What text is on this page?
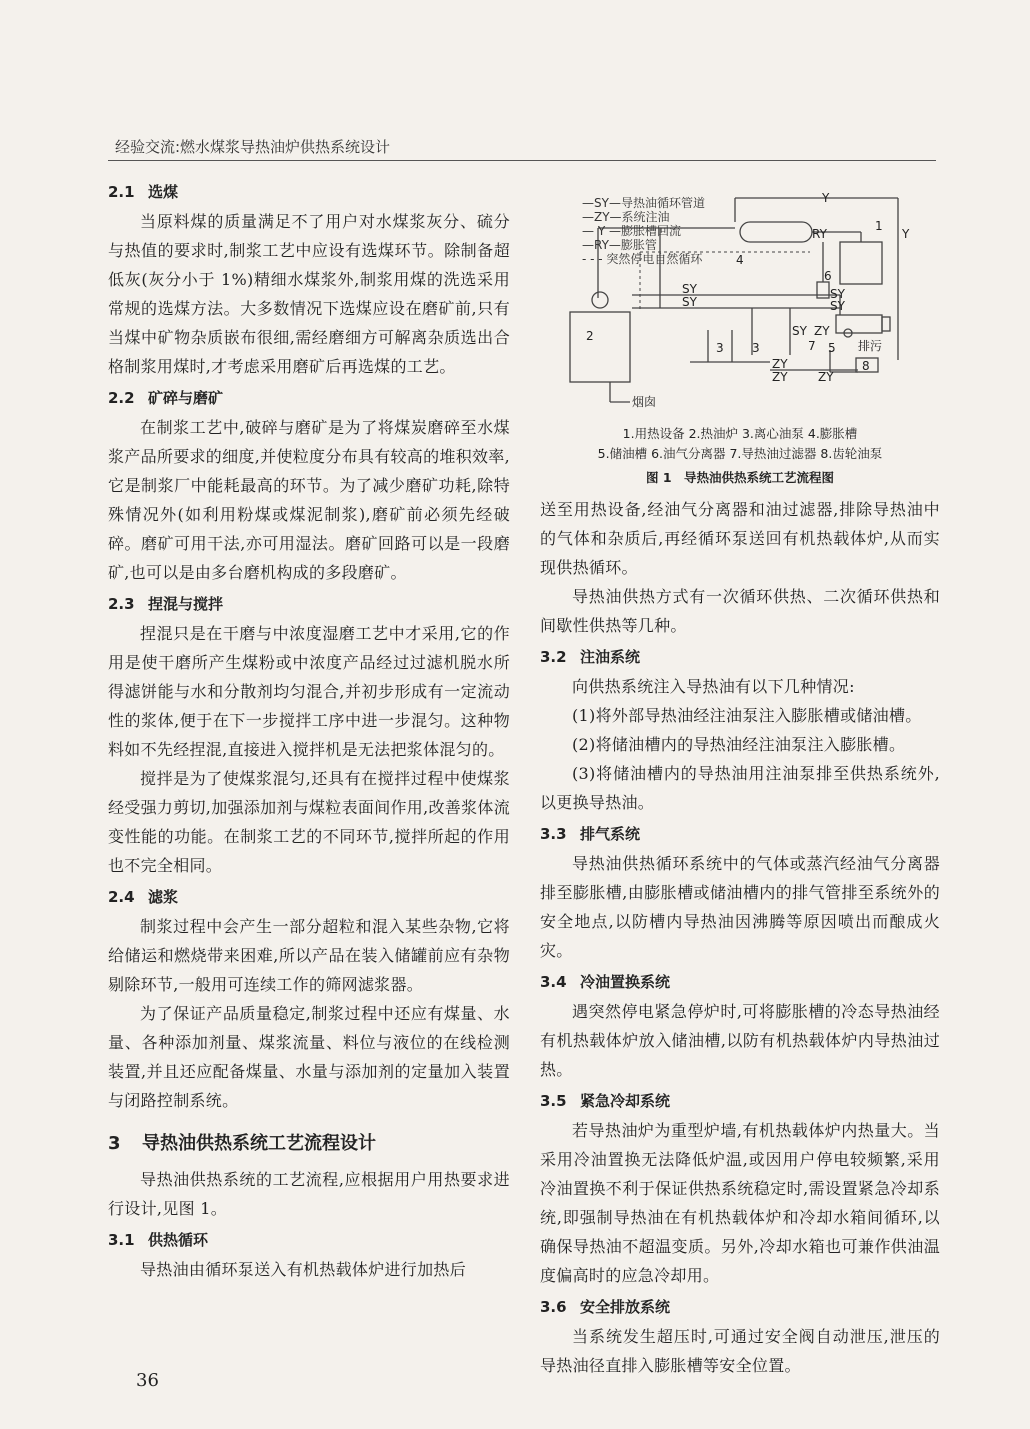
经验交流:燃水煤浆导热油炉供热系统设计
2.1 选煤

当原料煤的质量满足不了用户对水煤浆灰分、硫分与热值的要求时,制浆工艺中应设有选煤环节。除制备超低灰(灰分小于 1%)精细水煤浆外,制浆用煤的洗选采用常规的选煤方法。大多数情况下选煤应设在磨矿前,只有当煤中矿物杂质嵌布很细,需经磨细方可解离杂质选出合格制浆用煤时,才考虑采用磨矿后再选煤的工艺。

2.2 矿碎与磨矿

在制浆工艺中,破碎与磨矿是为了将煤炭磨碎至水煤浆产品所要求的细度,并使粒度分布具有较高的堆积效率,它是制浆厂中能耗最高的环节。为了减少磨矿功耗,除特殊情况外(如利用粉煤或煤泥制浆),磨矿前必须先经破碎。磨矿可用干法,亦可用湿法。磨矿回路可以是一段磨矿,也可以是由多台磨机构成的多段磨矿。

2.3 捏混与搅拌

捏混只是在干磨与中浓度湿磨工艺中才采用,它的作用是使干磨所产生煤粉或中浓度产品经过过滤机脱水所得滤饼能与水和分散剂均匀混合,并初步形成有一定流动性的浆体,便于在下一步搅拌工序中进一步混匀。这种物料如不先经捏混,直接进入搅拌机是无法把浆体混匀的。

搅拌是为了使煤浆混匀,还具有在搅拌过程中使煤浆经受强力剪切,加强添加剂与煤粒表面间作用,改善浆体流变性能的功能。在制浆工艺的不同环节,搅拌所起的作用也不完全相同。

2.4 滤浆

制浆过程中会产生一部分超粒和混入某些杂物,它将给储运和燃烧带来困难,所以产品在装入储罐前应有杂物剔除环节,一般用可连续工作的筛网滤浆器。

为了保证产品质量稳定,制浆过程中还应有煤量、水量、各种添加剂量、煤浆流量、料位与液位的在线检测装置,并且还应配备煤量、水量与添加剂的定量加入装置与闭路控制系统。

3 导热油供热系统工艺流程设计

导热油供热系统的工艺流程,应根据用户用热要求进行设计,见图 1。

3.1 供热循环

导热油由循环泵送入有机热载体炉进行加热后

Y
Y
RY
SY
SY
SY
SY
SY ZY
ZY
ZY	ZY
1
2
3 3
4
5
6
7
8
排污
烟囱
—SY—导热油循环管道
—ZY—系统注油
— Y —膨胀槽回流
—RY—膨胀管
- - - 突然停电自然循环
1.用热设备 2.热油炉 3.离心油泵 4.膨胀槽
5.储油槽 6.油气分离器 7.导热油过滤器 8.齿轮油泵
图 1　导热油供热系统工艺流程图

送至用热设备,经油气分离器和油过滤器,排除导热油中的气体和杂质后,再经循环泵送回有机热载体炉,从而实现供热循环。

导热油供热方式有一次循环供热、二次循环供热和间歇性供热等几种。

3.2 注油系统

向供热系统注入导热油有以下几种情况:

(1)将外部导热油经注油泵注入膨胀槽或储油槽。

(2)将储油槽内的导热油经注油泵注入膨胀槽。

(3)将储油槽内的导热油用注油泵排至供热系统外,以更换导热油。

3.3 排气系统

导热油供热循环系统中的气体或蒸汽经油气分离器排至膨胀槽,由膨胀槽或储油槽内的排气管排至系统外的安全地点,以防槽内导热油因沸腾等原因喷出而酿成火灾。

3.4 冷油置换系统

遇突然停电紧急停炉时,可将膨胀槽的冷态导热油经有机热载体炉放入储油槽,以防有机热载体炉内导热油过热。

3.5 紧急冷却系统

若导热油炉为重型炉墙,有机热载体炉内热量大。当采用冷油置换无法降低炉温,或因用户停电较频繁,采用冷油置换不利于保证供热系统稳定时,需设置紧急冷却系统,即强制导热油在有机热载体炉和冷却水箱间循环,以确保导热油不超温变质。另外,冷却水箱也可兼作供油温度偏高时的应急冷却用。

3.6 安全排放系统

当系统发生超压时,可通过安全阀自动泄压,泄压的导热油径直排入膨胀槽等安全位置。

36
